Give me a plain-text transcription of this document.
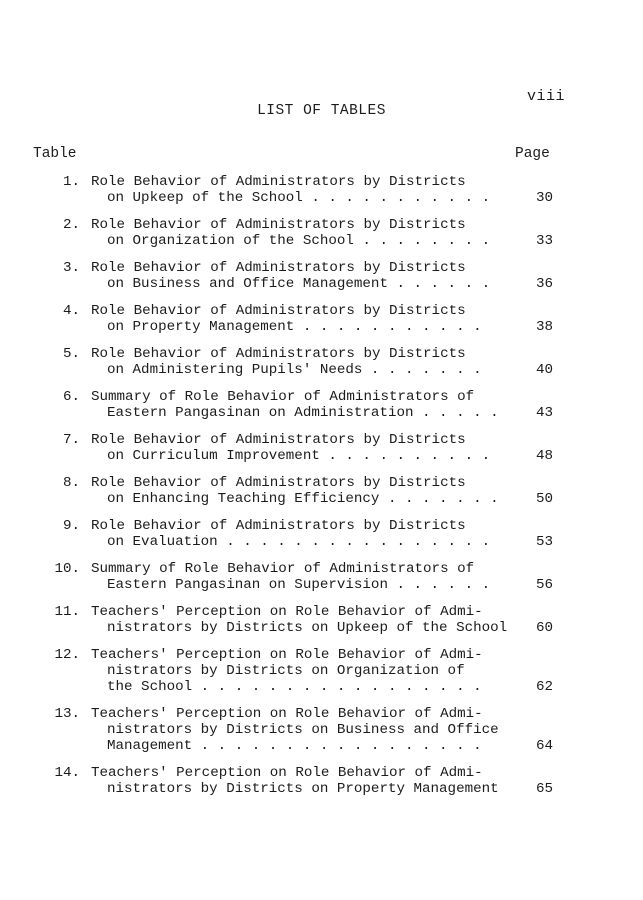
viii
LIST OF TABLES
Table	Page
1. Role Behavior of Administrators by Districts
on Upkeep of the School . . . . . . . . . . .	30
2. Role Behavior of Administrators by Districts
on Organization of the School . . . . . . . .	33
3. Role Behavior of Administrators by Districts
on Business and Office Management . . . . . .	36
4. Role Behavior of Administrators by Districts
on Property Management . . . . . . . . . . .	38
5. Role Behavior of Administrators by Districts
on Administering Pupils' Needs . . . . . . .	40
6. Summary of Role Behavior of Administrators of
Eastern Pangasinan on Administration . . . . .	43
7. Role Behavior of Administrators by Districts
on Curriculum Improvement . . . . . . . . . .	48
8. Role Behavior of Administrators by Districts
on Enhancing Teaching Efficiency . . . . . . .	50
9. Role Behavior of Administrators by Districts
on Evaluation . . . . . . . . . . . . . . . .	53
10. Summary of Role Behavior of Administrators of
Eastern Pangasinan on Supervision . . . . . .	56
11. Teachers' Perception on Role Behavior of Admi-
nistrators by Districts on Upkeep of the School	60
12. Teachers' Perception on Role Behavior of Admi-
nistrators by Districts on Organization of
the School . . . . . . . . . . . . . . . . .	62
13. Teachers' Perception on Role Behavior of Admi-
nistrators by Districts on Business and Office
Management . . . . . . . . . . . . . . . . .	64
14. Teachers' Perception on Role Behavior of Admi-
nistrators by Districts on Property Management	65
